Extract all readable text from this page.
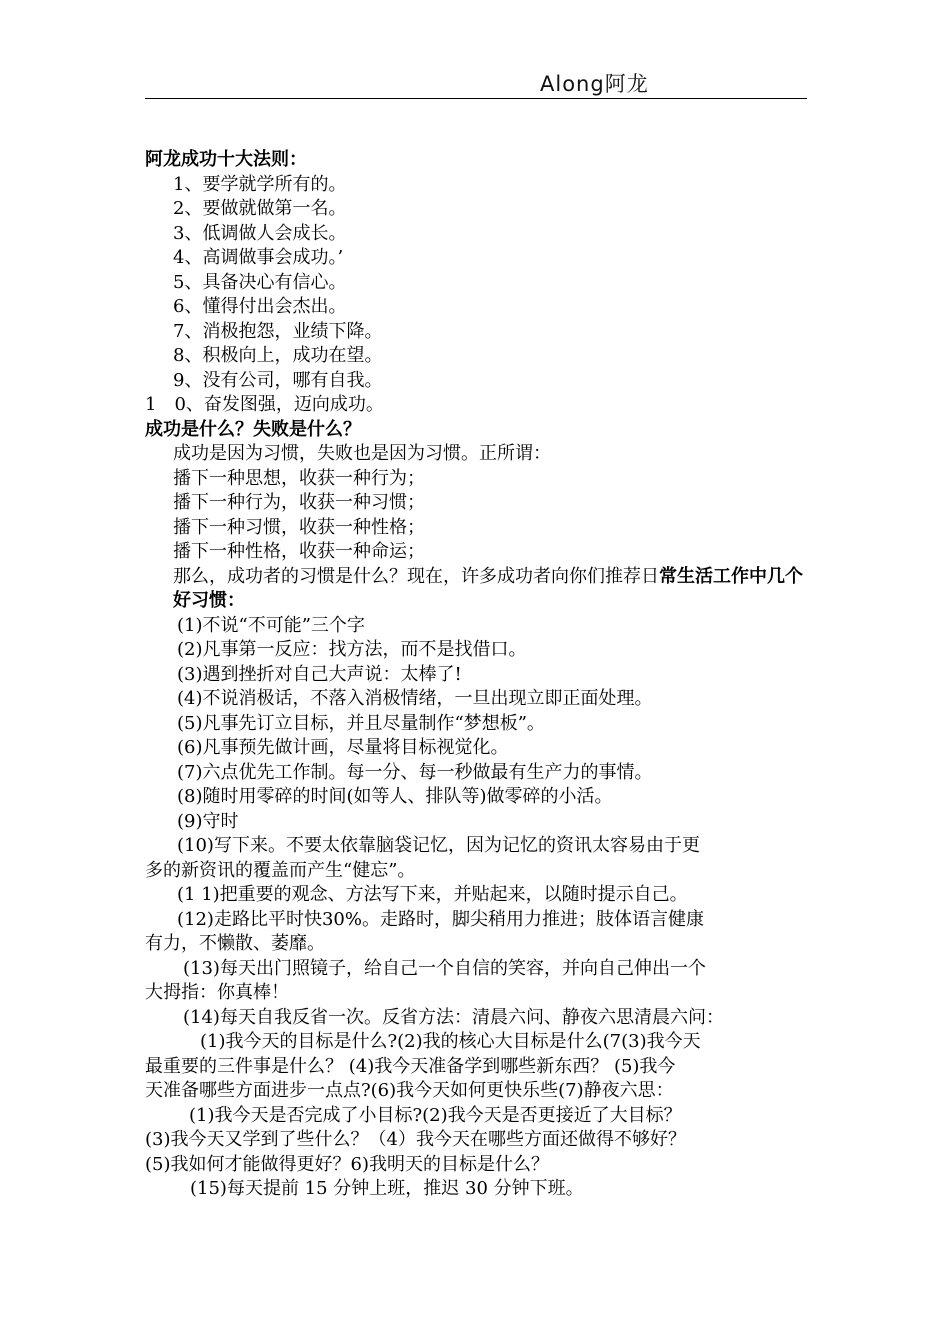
Along阿龙
阿龙成功十大法则：
1、要学就学所有的。
2、要做就做第一名。
3、低调做人会成长。
4、高调做事会成功。’
5、具备决心有信心。
6、懂得付出会杰出。
7、消极抱怨，业绩下降。
8、积极向上，成功在望。
9、没有公司，哪有自我。
1　0、奋发图强，迈向成功。
成功是什么？失败是什么？
成功是因为习惯，失败也是因为习惯。正所谓：
播下一种思想，收获一种行为；
播下一种行为，收获一种习惯；
播下一种习惯，收获一种性格；
播下一种性格，收获一种命运；
那么，成功者的习惯是什么？现在，许多成功者向你们推荐日常生活工作中几个好习惯：
(1)不说“不可能”三个字
(2)凡事第一反应：找方法，而不是找借口。
(3)遇到挫折对自己大声说：太棒了!
(4)不说消极话，不落入消极情绪，一旦出现立即正面处理。
(5)凡事先订立目标，并且尽量制作“梦想板”。
(6)凡事预先做计画，尽量将目标视觉化。
(7)六点优先工作制。每一分、每一秒做最有生产力的事情。
(8)随时用零碎的时间(如等人、排队等)做零碎的小活。
(9)守时
(10)写下来。不要太依靠脑袋记忆，因为记忆的资讯太容易由于更
多的新资讯的覆盖而产生“健忘”。
(1 1)把重要的观念、方法写下来，并贴起来，以随时提示自己。
(12)走路比平时快30%。走路时，脚尖稍用力推进；肢体语言健康
有力，不懒散、萎靡。
(13)每天出门照镜子，给自己一个自信的笑容，并向自己伸出一个
大拇指：你真棒！
(14)每天自我反省一次。反省方法：清晨六问、静夜六思清晨六问：
(1)我今天的目标是什么?(2)我的核心大目标是什么(7(3)我今天
最重要的三件事是什么？ (4)我今天准备学到哪些新东西？ (5)我今
天准备哪些方面进步一点点?(6)我今天如何更快乐些(7)静夜六思：
(1)我今天是否完成了小目标?(2)我今天是否更接近了大目标？
(3)我今天又学到了些什么？（4）我今天在哪些方面还做得不够好？
(5)我如何才能做得更好？6)我明天的目标是什么？
(15)每天提前 15 分钟上班，推迟 30 分钟下班。
